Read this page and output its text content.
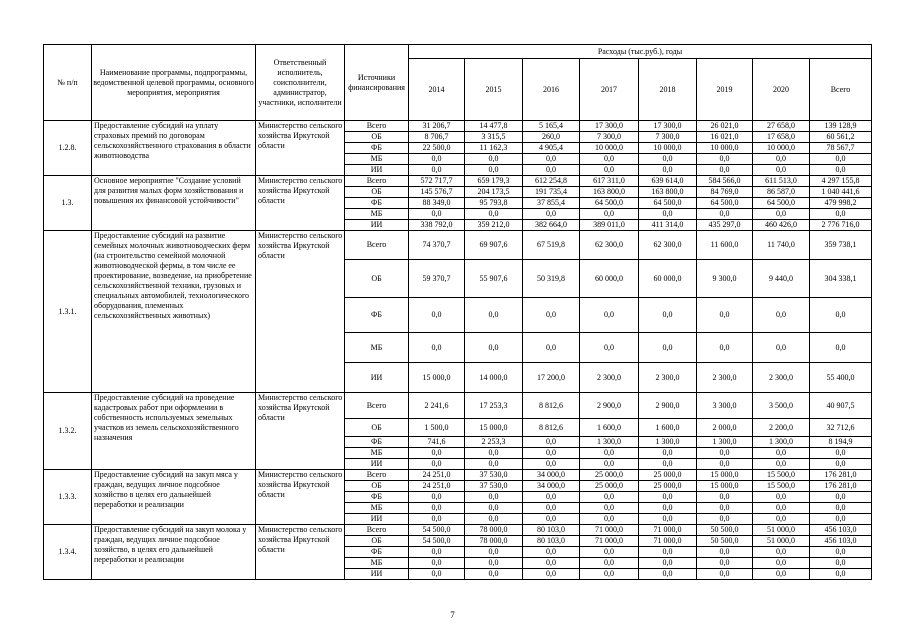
№ п/п	Наименование программы, подпрограммы, ведомственной целевой программы, основного мероприятия, мероприятия	Ответственный исполнитель, соисполнители, администратор, участники, исполнители	Источники финансирования	Расходы (тыс.руб.), годы							
				2014	2015	2016	2017	2018	2019	2020	Всего
1.2.8.	Предоставление субсидий на уплату страховых премий по договорам сельскохозяйственного страхования в области животноводства	Министерство сельского хозяйства Иркутской области	Всего	31 206,7	14 477,8	5 165,4	17 300,0	17 300,0	26 021,0	27 658,0	139 128,9
			ОБ	8 706,7	3 315,5	260,0	7 300,0	7 300,0	16 021,0	17 658,0	60 561,2
			ФБ	22 500,0	11 162,3	4 905,4	10 000,0	10 000,0	10 000,0	10 000,0	78 567,7
			МБ	0,0	0,0	0,0	0,0	0,0	0,0	0,0	0,0
			ИИ	0,0	0,0	0,0	0,0	0,0	0,0	0,0	0,0
1.3.	Основное мероприятие "Создание условий для развития малых форм хозяйствования и повышения их финансовой устойчивости"	Министерство сельского хозяйства Иркутской области	Всего	572 717,7	659 179,3	612 254,8	617 311,0	639 614,0	584 566,0	611 513,0	4 297 155,8
			ОБ	145 576,7	204 173,5	191 735,4	163 800,0	163 800,0	84 769,0	86 587,0	1 040 441,6
			ФБ	88 349,0	95 793,8	37 855,4	64 500,0	64 500,0	64 500,0	64 500,0	479 998,2
			МБ	0,0	0,0	0,0	0,0	0,0	0,0	0,0	0,0
			ИИ	338 792,0	359 212,0	382 664,0	389 011,0	411 314,0	435 297,0	460 426,0	2 776 716,0
1.3.1.	Предоставление субсидий на развитие семейных молочных животноводческих ферм (на строительство семейной молочной животноводческой фермы, в том числе ее проектирование, возведение, на приобретение сельскохозяйственной техники, грузовых и специальных автомобилей, технологического оборудования, племенных сельскохозяйственных животных)	Министерство сельского хозяйства Иркутской области	Всего	74 370,7	69 907,6	67 519,8	62 300,0	62 300,0	11 600,0	11 740,0	359 738,1
			ОБ	59 370,7	55 907,6	50 319,8	60 000,0	60 000,0	9 300,0	9 440,0	304 338,1
			ФБ	0,0	0,0	0,0	0,0	0,0	0,0	0,0	0,0
			МБ	0,0	0,0	0,0	0,0	0,0	0,0	0,0	0,0
			ИИ	15 000,0	14 000,0	17 200,0	2 300,0	2 300,0	2 300,0	2 300,0	55 400,0
1.3.2.	Предоставление субсидий на проведение кадастровых работ при оформлении в собственность используемых земельных участков из земель сельскохозяйственного назначения	Министерство сельского хозяйства Иркутской области	Всего	2 241,6	17 253,3	8 812,6	2 900,0	2 900,0	3 300,0	3 500,0	40 907,5
			ОБ	1 500,0	15 000,0	8 812,6	1 600,0	1 600,0	2 000,0	2 200,0	32 712,6
			ФБ	741,6	2 253,3	0,0	1 300,0	1 300,0	1 300,0	1 300,0	8 194,9
			МБ	0,0	0,0	0,0	0,0	0,0	0,0	0,0	0,0
			ИИ	0,0	0,0	0,0	0,0	0,0	0,0	0,0	0,0
1.3.3.	Предоставление субсидий на закуп мяса у граждан, ведущих личное подсобное хозяйство в целях его дальнейшей переработки и реализации	Министерство сельского хозяйства Иркутской области	Всего	24 251,0	37 530,0	34 000,0	25 000,0	25 000,0	15 000,0	15 500,0	176 281,0
			ОБ	24 251,0	37 530,0	34 000,0	25 000,0	25 000,0	15 000,0	15 500,0	176 281,0
			ФБ	0,0	0,0	0,0	0,0	0,0	0,0	0,0	0,0
			МБ	0,0	0,0	0,0	0,0	0,0	0,0	0,0	0,0
			ИИ	0,0	0,0	0,0	0,0	0,0	0,0	0,0	0,0
1.3.4.	Предоставление субсидий на закуп молока у граждан, ведущих личное подсобное хозяйство, в целях его дальнейшей переработки и реализации	Министерство сельского хозяйства Иркутской области	Всего	54 500,0	78 000,0	80 103,0	71 000,0	71 000,0	50 500,0	51 000,0	456 103,0
			ОБ	54 500,0	78 000,0	80 103,0	71 000,0	71 000,0	50 500,0	51 000,0	456 103,0
			ФБ	0,0	0,0	0,0	0,0	0,0	0,0	0,0	0,0
			МБ	0,0	0,0	0,0	0,0	0,0	0,0	0,0	0,0
			ИИ	0,0	0,0	0,0	0,0	0,0	0,0	0,0	0,0
7
